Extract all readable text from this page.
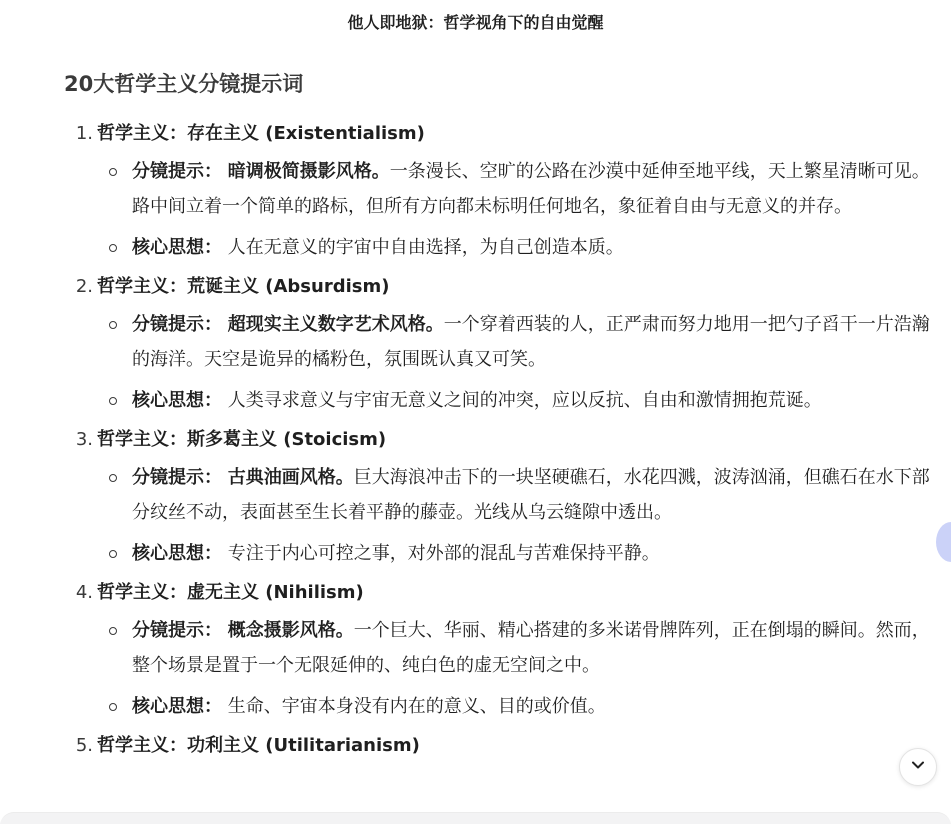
他人即地狱：哲学视角下的自由觉醒
20大哲学主义分镜提示词
1. 哲学主义：存在主义 (Existentialism)
分镜提示： 暗调极简摄影风格。一条漫长、空旷的公路在沙漠中延伸至地平线，天上繁星清晰可见。路中间立着一个简单的路标，但所有方向都未标明任何地名，象征着自由与无意义的并存。
核心思想： 人在无意义的宇宙中自由选择，为自己创造本质。
2. 哲学主义：荒诞主义 (Absurdism)
分镜提示： 超现实主义数字艺术风格。一个穿着西装的人，正严肃而努力地用一把勺子舀干一片浩瀚的海洋。天空是诡异的橘粉色，氛围既认真又可笑。
核心思想： 人类寻求意义与宇宙无意义之间的冲突，应以反抗、自由和激情拥抱荒诞。
3. 哲学主义：斯多葛主义 (Stoicism)
分镜提示： 古典油画风格。巨大海浪冲击下的一块坚硬礁石，水花四溅，波涛汹涌，但礁石在水下部分纹丝不动，表面甚至生长着平静的藤壶。光线从乌云缝隙中透出。
核心思想： 专注于内心可控之事，对外部的混乱与苦难保持平静。
4. 哲学主义：虚无主义 (Nihilism)
分镜提示： 概念摄影风格。一个巨大、华丽、精心搭建的多米诺骨牌阵列，正在倒塌的瞬间。然而，整个场景是置于一个无限延伸的、纯白色的虚无空间之中。
核心思想： 生命、宇宙本身没有内在的意义、目的或价值。
5. 哲学主义：功利主义 (Utilitarianism)
